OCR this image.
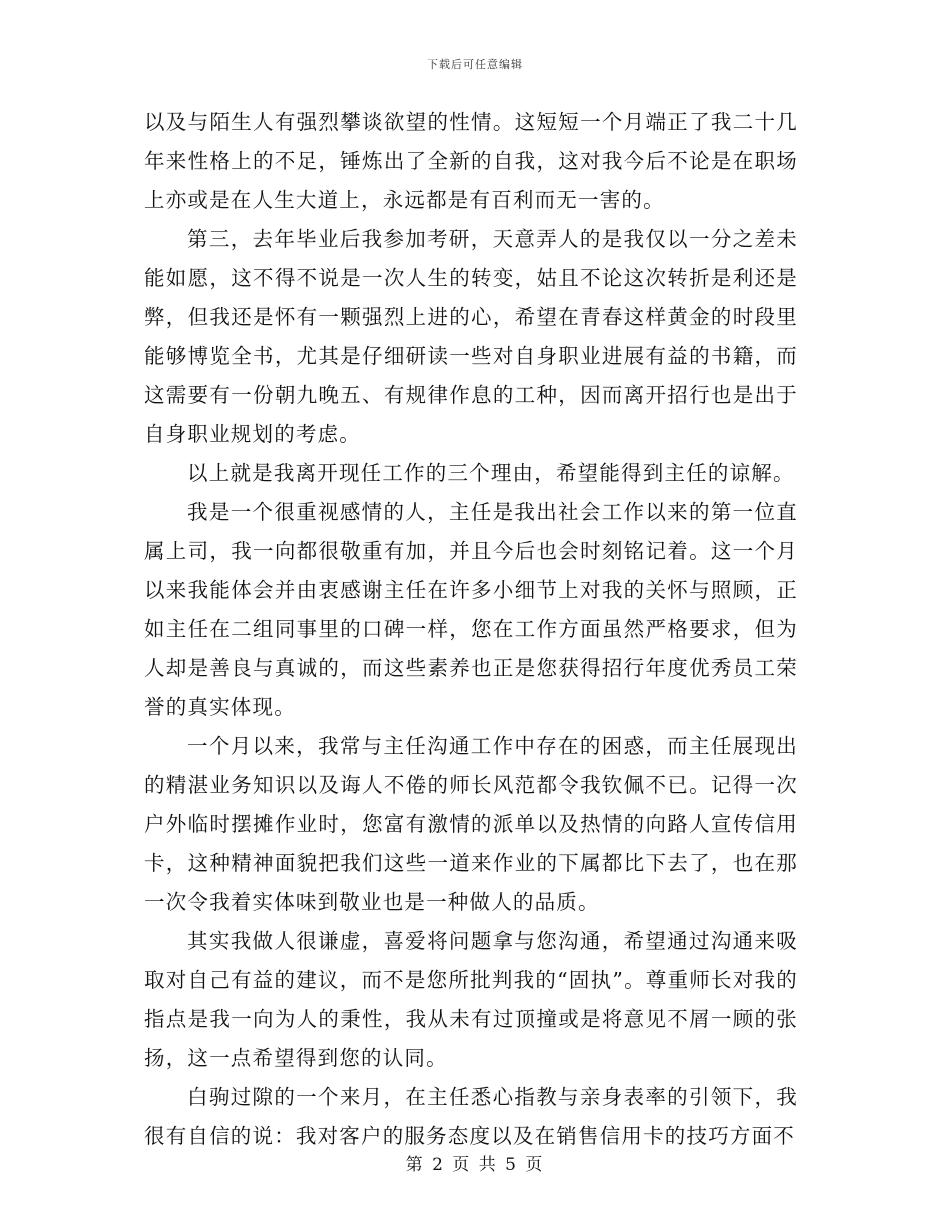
下载后可任意编辑

以及与陌生人有强烈攀谈欲望的性情。这短短一个月端正了我二十几年来性格上的不足，锤炼出了全新的自我，这对我今后不论是在职场上亦或是在人生大道上，永远都是有百利而无一害的。

第三，去年毕业后我参加考研，天意弄人的是我仅以一分之差未能如愿，这不得不说是一次人生的转变，姑且不论这次转折是利还是弊，但我还是怀有一颗强烈上进的心，希望在青春这样黄金的时段里能够博览全书，尤其是仔细研读一些对自身职业进展有益的书籍，而这需要有一份朝九晚五、有规律作息的工种，因而离开招行也是出于自身职业规划的考虑。

以上就是我离开现任工作的三个理由，希望能得到主任的谅解。

我是一个很重视感情的人，主任是我出社会工作以来的第一位直属上司，我一向都很敬重有加，并且今后也会时刻铭记着。这一个月以来我能体会并由衷感谢主任在许多小细节上对我的关怀与照顾，正如主任在二组同事里的口碑一样，您在工作方面虽然严格要求，但为人却是善良与真诚的，而这些素养也正是您获得招行年度优秀员工荣誉的真实体现。

一个月以来，我常与主任沟通工作中存在的困惑，而主任展现出的精湛业务知识以及诲人不倦的师长风范都令我钦佩不已。记得一次户外临时摆摊作业时，您富有激情的派单以及热情的向路人宣传信用卡，这种精神面貌把我们这些一道来作业的下属都比下去了，也在那一次令我着实体味到敬业也是一种做人的品质。

其实我做人很谦虚，喜爱将问题拿与您沟通，希望通过沟通来吸取对自己有益的建议，而不是您所批判我的“固执”。尊重师长对我的指点是我一向为人的秉性，我从未有过顶撞或是将意见不屑一顾的张扬，这一点希望得到您的认同。

白驹过隙的一个来月，在主任悉心指教与亲身表率的引领下，我很有自信的说：我对客户的服务态度以及在销售信用卡的技巧方面不

第 2 页 共 5 页
